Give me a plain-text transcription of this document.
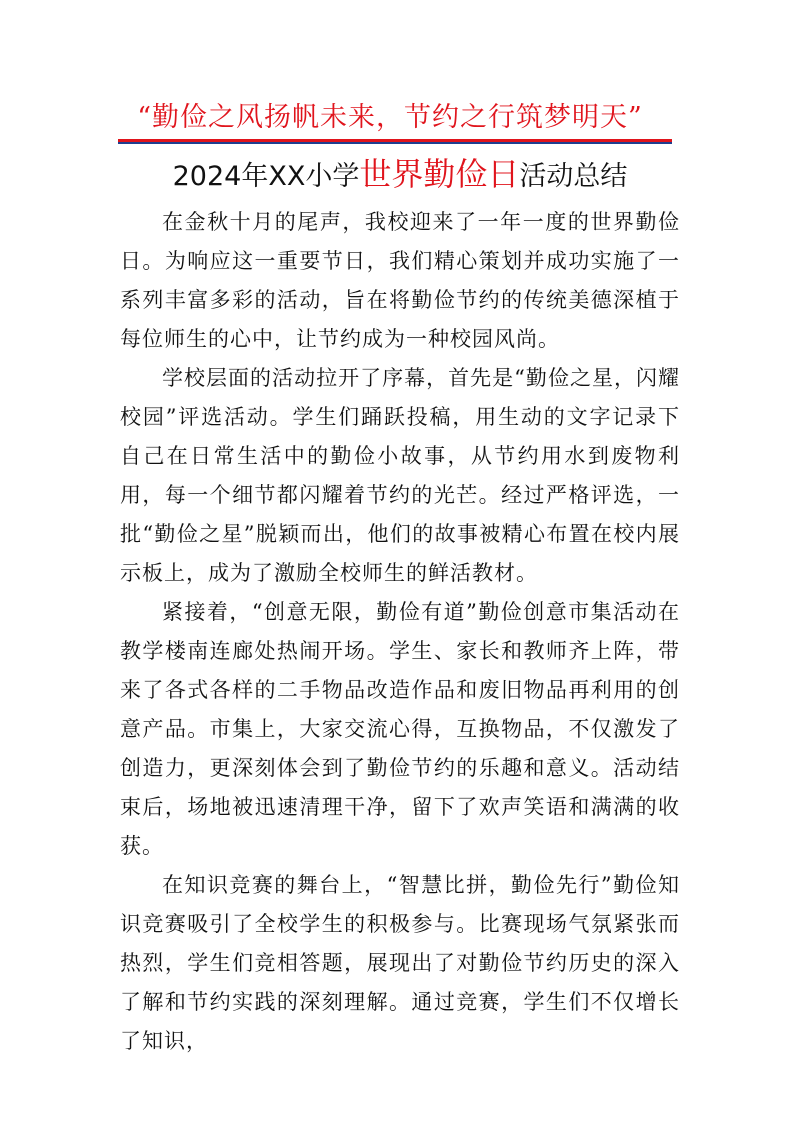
“勤俭之风扬帆未来，节约之行筑梦明天”
2024年XX小学世界勤俭日活动总结

在金秋十月的尾声，我校迎来了一年一度的世界勤俭日。为响应这一重要节日，我们精心策划并成功实施了一系列丰富多彩的活动，旨在将勤俭节约的传统美德深植于每位师生的心中，让节约成为一种校园风尚。

学校层面的活动拉开了序幕，首先是“勤俭之星，闪耀校园”评选活动。学生们踊跃投稿，用生动的文字记录下自己在日常生活中的勤俭小故事，从节约用水到废物利用，每一个细节都闪耀着节约的光芒。经过严格评选，一批“勤俭之星”脱颖而出，他们的故事被精心布置在校内展示板上，成为了激励全校师生的鲜活教材。

紧接着，“创意无限，勤俭有道”勤俭创意市集活动在教学楼南连廊处热闹开场。学生、家长和教师齐上阵，带来了各式各样的二手物品改造作品和废旧物品再利用的创意产品。市集上，大家交流心得，互换物品，不仅激发了创造力，更深刻体会到了勤俭节约的乐趣和意义。活动结束后，场地被迅速清理干净，留下了欢声笑语和满满的收获。

在知识竞赛的舞台上，“智慧比拼，勤俭先行”勤俭知识竞赛吸引了全校学生的积极参与。比赛现场气氛紧张而热烈，学生们竞相答题，展现出了对勤俭节约历史的深入了解和节约实践的深刻理解。通过竞赛，学生们不仅增长了知识，
